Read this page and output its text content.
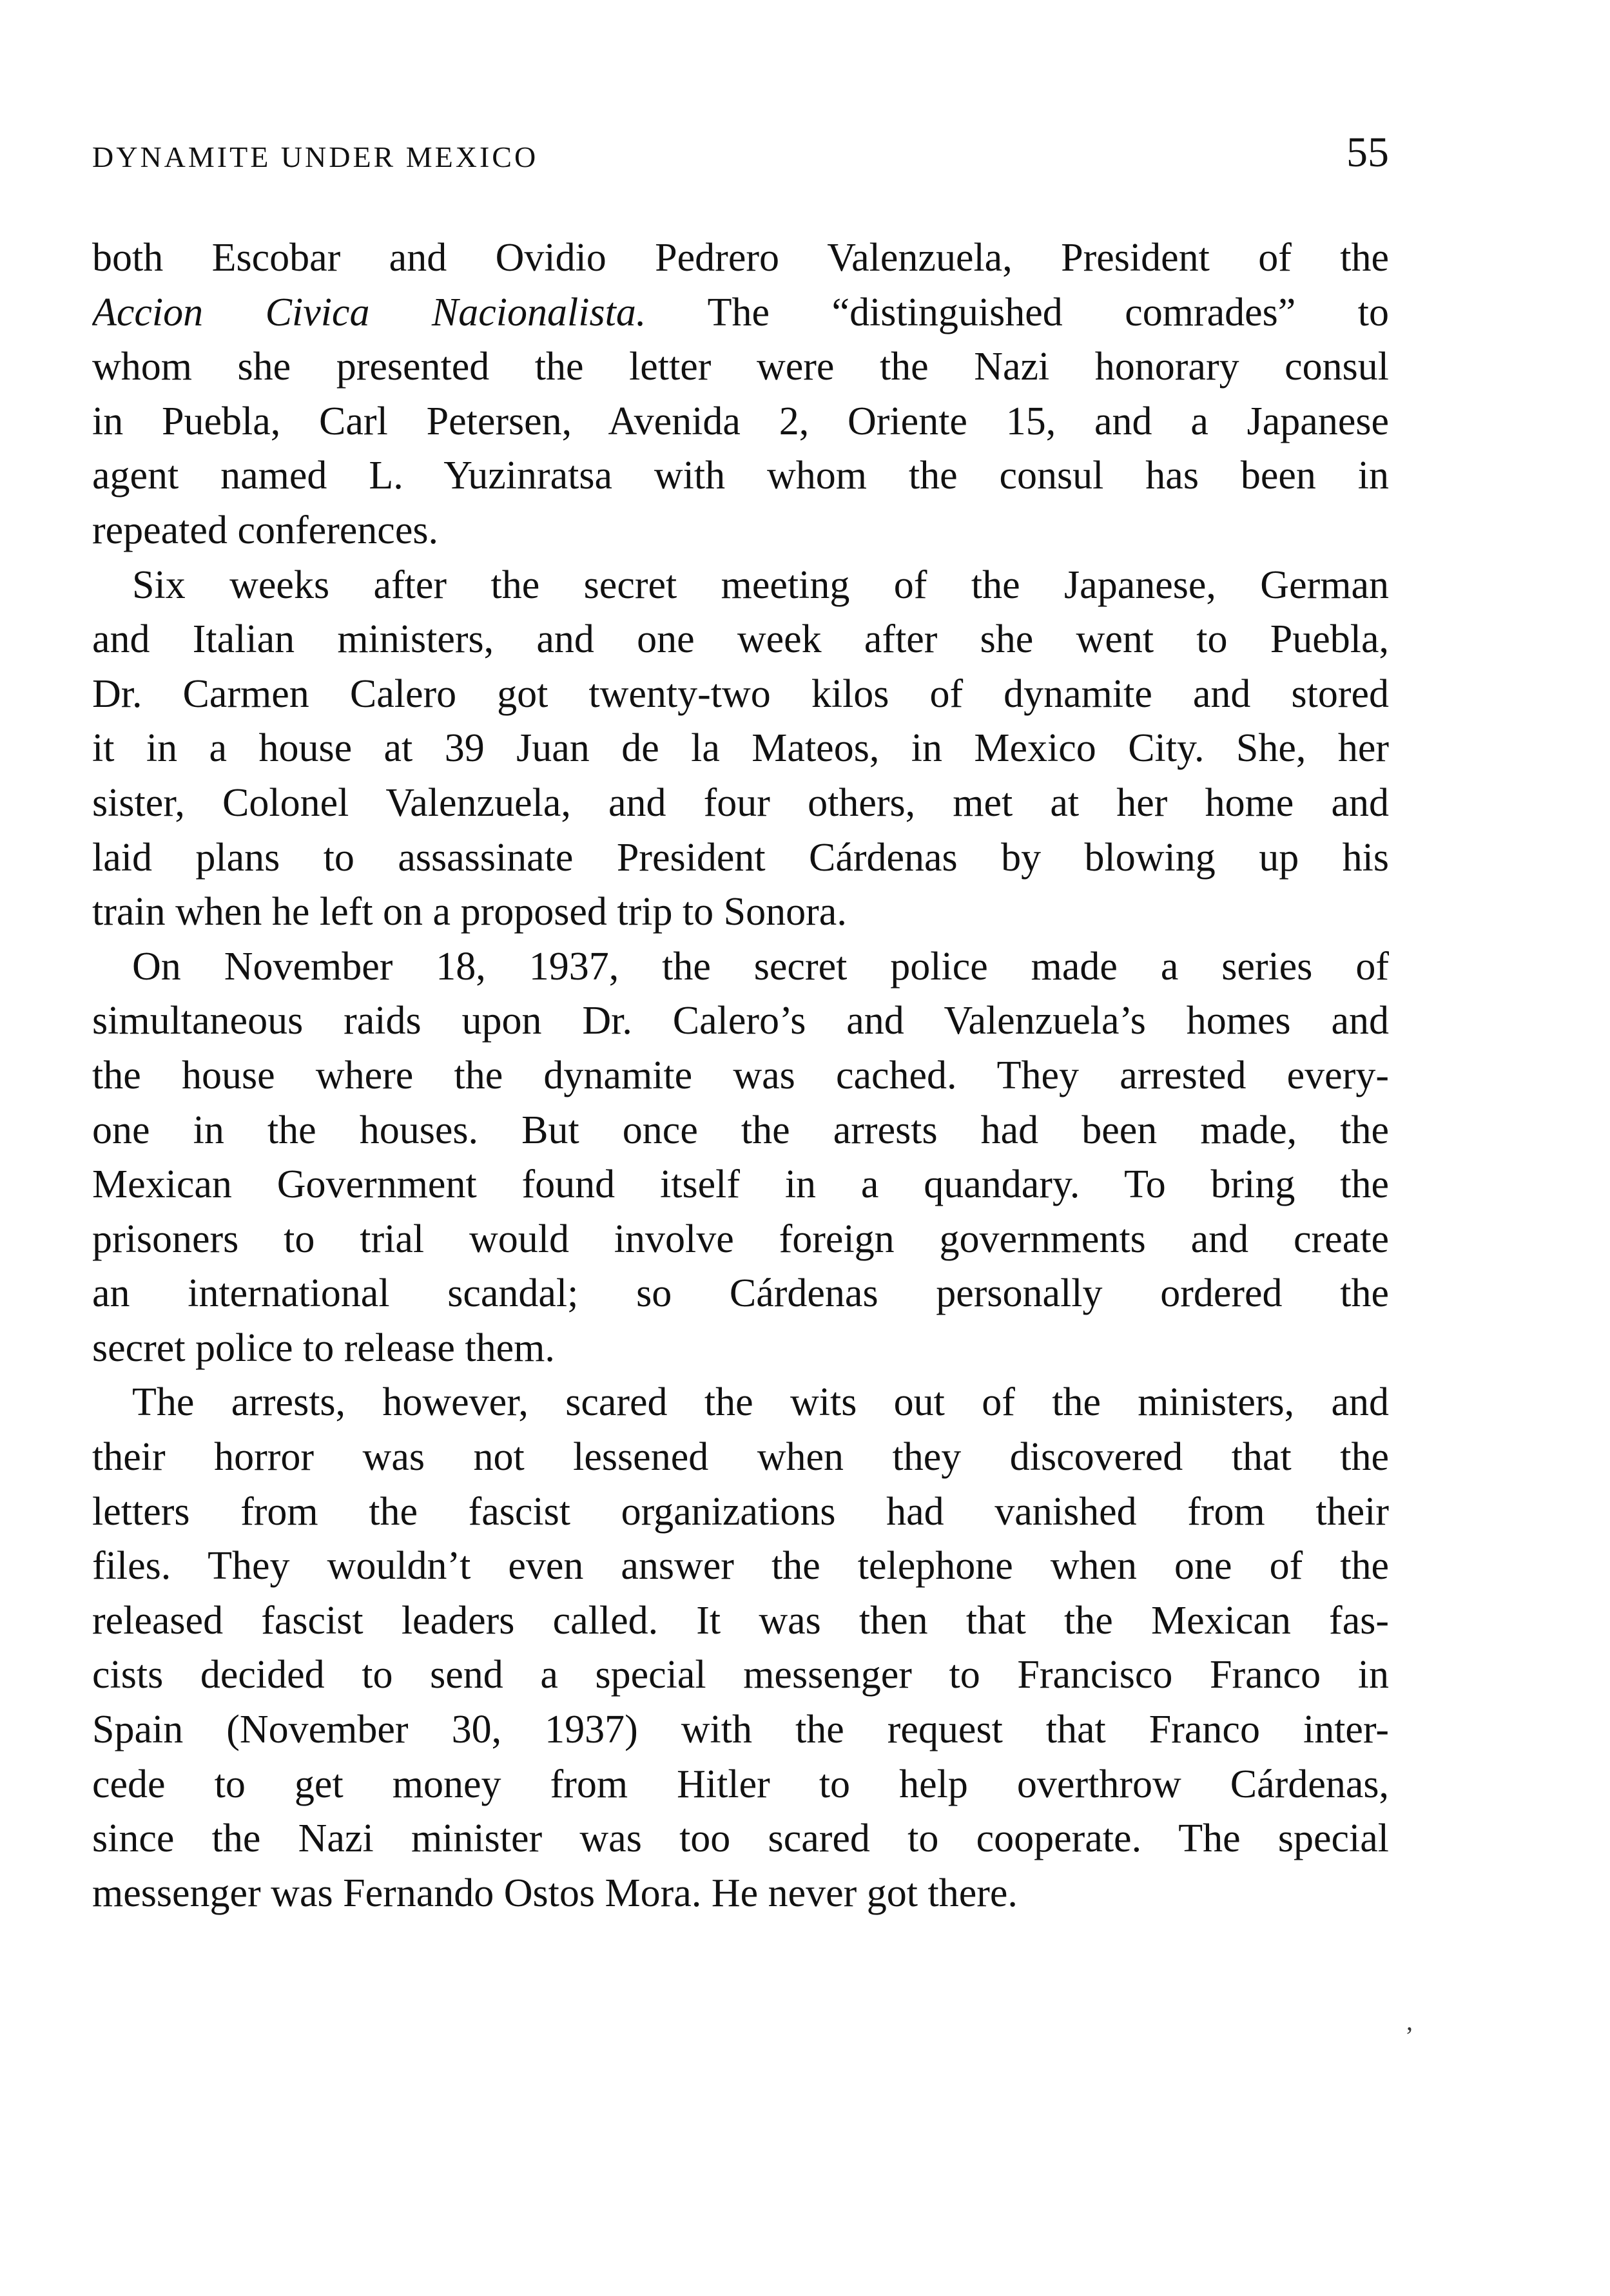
DYNAMITE UNDER MEXICO	55
both Escobar and Ovidio Pedrero Valenzuela, President of the
Accion Civica Nacionalista. The “distinguished comrades” to
whom she presented the letter were the Nazi honorary consul
in Puebla, Carl Petersen, Avenida 2, Oriente 15, and a Japanese
agent named L. Yuzinratsa with whom the consul has been in
repeated conferences.
Six weeks after the secret meeting of the Japanese, German
and Italian ministers, and one week after she went to Puebla,
Dr. Carmen Calero got twenty-two kilos of dynamite and stored
it in a house at 39 Juan de la Mateos, in Mexico City. She, her
sister, Colonel Valenzuela, and four others, met at her home and
laid plans to assassinate President Cárdenas by blowing up his
train when he left on a proposed trip to Sonora.
On November 18, 1937, the secret police made a series of
simultaneous raids upon Dr. Calero’s and Valenzuela’s homes and
the house where the dynamite was cached. They arrested every-
one in the houses. But once the arrests had been made, the
Mexican Government found itself in a quandary. To bring the
prisoners to trial would involve foreign governments and create
an international scandal; so Cárdenas personally ordered the
secret police to release them.
The arrests, however, scared the wits out of the ministers, and
their horror was not lessened when they discovered that the
letters from the fascist organizations had vanished from their
files. They wouldn’t even answer the telephone when one of the
released fascist leaders called. It was then that the Mexican fas-
cists decided to send a special messenger to Francisco Franco in
Spain (November 30, 1937) with the request that Franco inter-
cede to get money from Hitler to help overthrow Cárdenas,
since the Nazi minister was too scared to cooperate. The special
messenger was Fernando Ostos Mora. He never got there.
ʼ
